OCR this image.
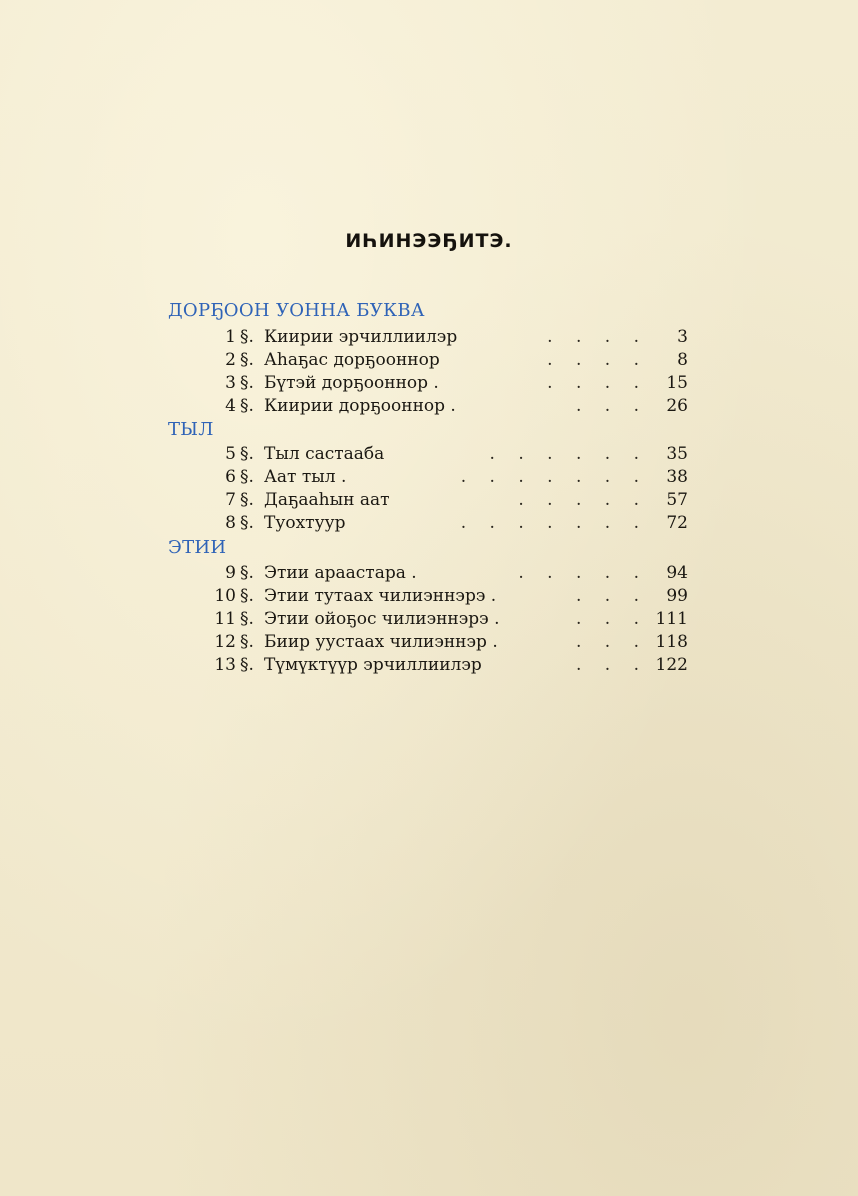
ИҺИНЭЭҔИТЭ.
ДОРҔООН УОННА БУКВА
1 §. Киирии эрчиллиилэр	. . . . 3
2 §. Аһаҕас дорҕооннор	. . . . 8
3 §. Бүтэй дорҕооннор .	. . . . 15
4 §. Киирии дорҕооннор .	. . . 26
ТЫЛ
5 §. Тыл састааба	. . . . . . 35
6 §. Аат тыл .	. . . . . . . 38
7 §. Даҕааһын аат	. . . . . 57
8 §. Туохтуур	. . . . . . . 72
ЭТИИ
9 §. Этии араастара .	. . . . . 94
10 §. Этии тутаах чилиэннэрэ .	. . . 99
11 §. Этии ойоҕос чилиэннэрэ .	. . . 111
12 §. Биир уустаах чилиэннэр .	. . . 118
13 §. Түмүктүүр эрчиллиилэр	. . . 122
